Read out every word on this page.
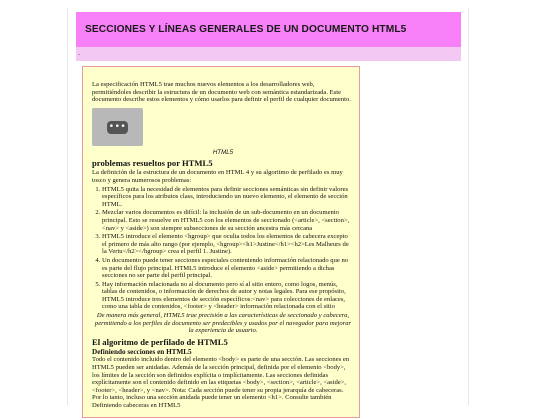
SECCIONES Y LÍNEAS GENERALES DE UN DOCUMENTO HTML5
.

La especificación HTML5 trae muchos nuevos elementos a los desarrolladores web, permitiéndoles describir la estructura de un documento web con semántica estandarizada. Este documento describe estos elementos y cómo usarlos para definir el perfil de cualquier documento.

•••
HTML5
problemas resueltos por HTML5

La definición de la estructura de un documento en HTML 4 y su algoritmo de perfilado es muy tosco y genera numerosos problemas:

1. HTML5 quita la necesidad de elementos para definir secciones semánticas sin definir valores específicos para los atributos class, introduciendo un nuevo elemento, el elemento de sección HTML.
2. Mezclar varios documentos es difícil: la inclusión de un sub-documento en un documento principal. Esto se resuelve en HTML5 con los elementos de seccionado (<article>, <section>, <nav> y <aside>) son siempre subsecciones de su sección ancestra más cercana
3. HTML5 introduce el elemento <hgroup> que oculta todos los elementos de cabecera excepto el primero de más alto rango (por ejemplo, <hgroup><h1>Justine</h1><h2>Les Malheurs de la Vertu</h2></hgroup> crea el perfil 1. Justine).
4. Un documento puede tener secciones especiales conteniendo información relacionado que no es parte del flujo principal. HTML5 introduce el elemento <aside> permitiendo a dichas secciones no ser parte del perfil principal.
5. Hay información relacionada no al documento pero sí al sitio entero, como logos, menús, tablas de contenidos, o información de derechos de autor y notas legales. Para ese propósito, HTML5 introduce tres elementos de sección específicos:<nav> para colecciones de enlaces, como una tabla de contenidos, <footer> y <header> información relacionada con el sitio

De manera más general, HTML5 trae precisión a las características de seccionado y cabecera, permitiendo a los perfiles de documento ser predecibles y usados por el navegador para mejorar la experiencia de usuario.

El algoritmo de perfilado de HTML5
Definiendo secciones en HTML5

Todo el contenido incluido dentro del elemento <body> es parte de una sección. Las secciones en HTML5 pueden ser anidadas. Además de la sección principal, definida por el elemento <body>, los límites de la sección son definidos explícita o implícitamente. Las secciones definidas explícitamente son el contenido definido en las etiquetas <body>, <section>, <article>, <aside>, <footer>, <header>, y <nav>. Nota: Cada sección puede tener su propia jerarquía de cabeceras. Por lo tanto, incluso una sección anidada puede tener un elemento <h1>. Consulte también Definiendo cabeceras en HTML5
